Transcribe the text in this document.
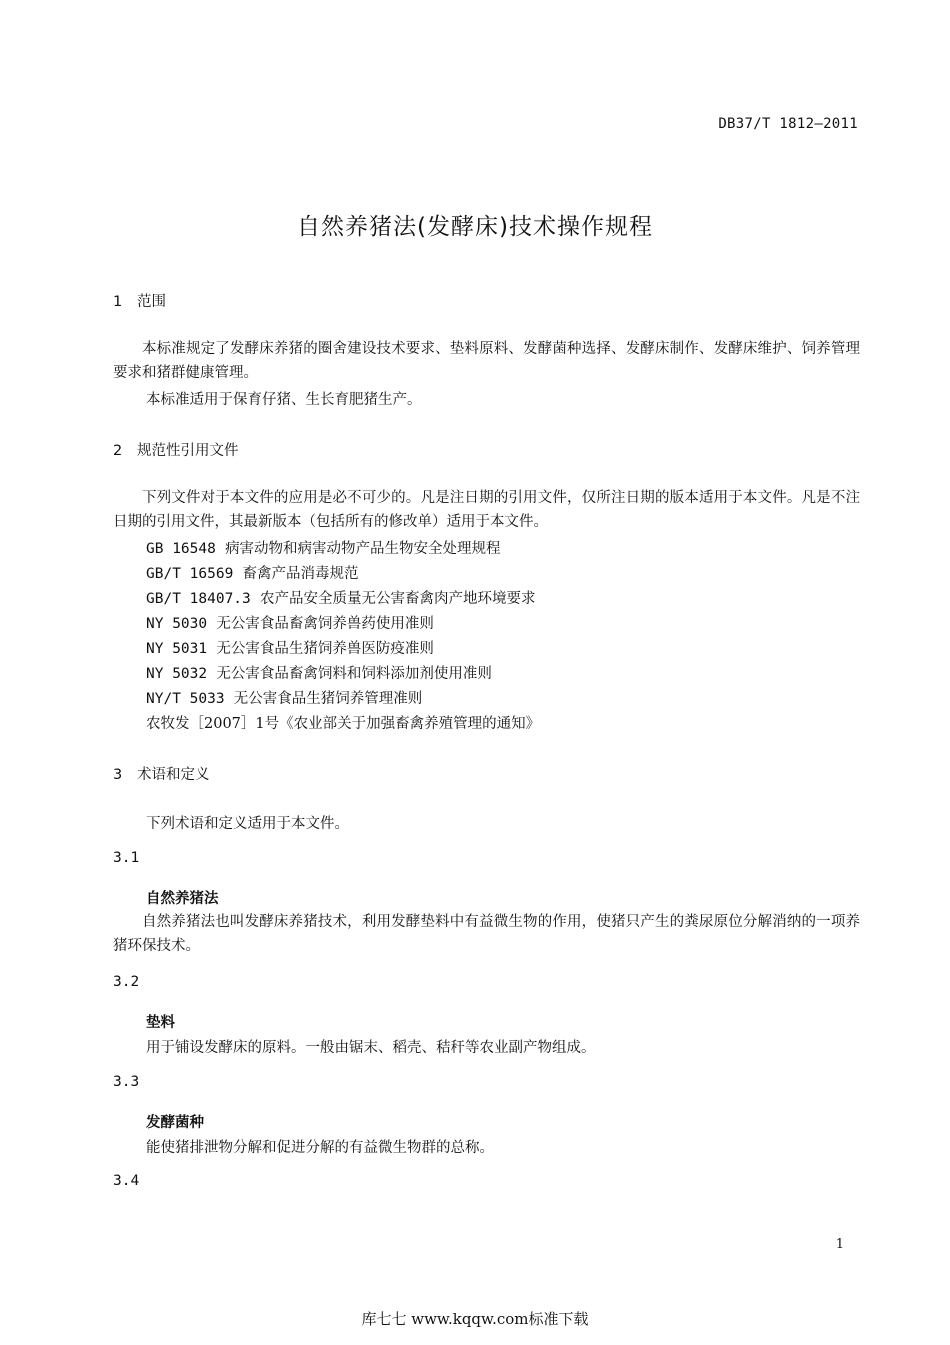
DB37/T 1812—2011
自然养猪法(发酵床)技术操作规程
1 范围
本标准规定了发酵床养猪的圈舍建设技术要求、垫料原料、发酵菌种选择、发酵床制作、发酵床维护、饲养管理要求和猪群健康管理。
本标准适用于保育仔猪、生长育肥猪生产。
2 规范性引用文件
下列文件对于本文件的应用是必不可少的。凡是注日期的引用文件，仅所注日期的版本适用于本文件。凡是不注日期的引用文件，其最新版本（包括所有的修改单）适用于本文件。
GB 16548 病害动物和病害动物产品生物安全处理规程
GB/T 16569 畜禽产品消毒规范
GB/T 18407.3 农产品安全质量无公害畜禽肉产地环境要求
NY 5030 无公害食品畜禽饲养兽药使用准则
NY 5031 无公害食品生猪饲养兽医防疫准则
NY 5032 无公害食品畜禽饲料和饲料添加剂使用准则
NY/T 5033 无公害食品生猪饲养管理准则
农牧发［2007］1号《农业部关于加强畜禽养殖管理的通知》
3 术语和定义
下列术语和定义适用于本文件。
3.1
自然养猪法
自然养猪法也叫发酵床养猪技术，利用发酵垫料中有益微生物的作用，使猪只产生的粪尿原位分解消纳的一项养猪环保技术。
3.2
垫料
用于铺设发酵床的原料。一般由锯末、稻壳、秸秆等农业副产物组成。
3.3
发酵菌种
能使猪排泄物分解和促进分解的有益微生物群的总称。
3.4
1
库七七 www.kqqw.com标准下载
